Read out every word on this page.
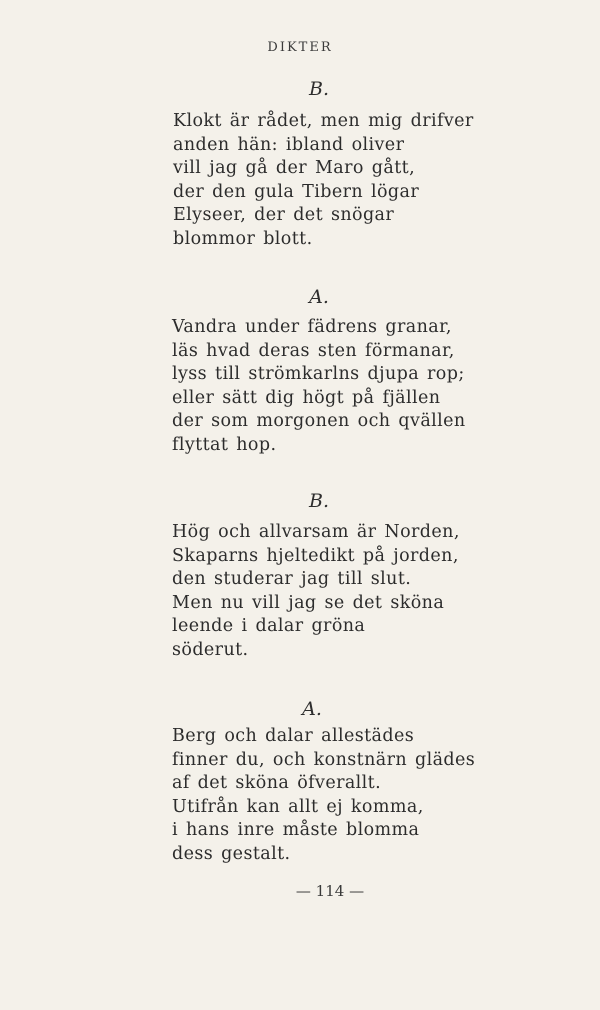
DIKTER
B.
Klokt är rådet, men mig drifver
anden hän: ibland oliver
vill jag gå der Maro gått,
der den gula Tibern lögar
Elyseer, der det snögar
blommor blott.
A.
Vandra under fädrens granar,
läs hvad deras sten förmanar,
lyss till strömkarlns djupa rop;
eller sätt dig högt på fjällen
der som morgonen och qvällen
flyttat hop.
B.
Hög och allvarsam är Norden,
Skaparns hjeltedikt på jorden,
den studerar jag till slut.
Men nu vill jag se det sköna
leende i dalar gröna
söderut.
A.
Berg och dalar allestädes
finner du, och konstnärn glädes
af det sköna öfverallt.
Utifrån kan allt ej komma,
i hans inre måste blomma
dess gestalt.
— 114 —
